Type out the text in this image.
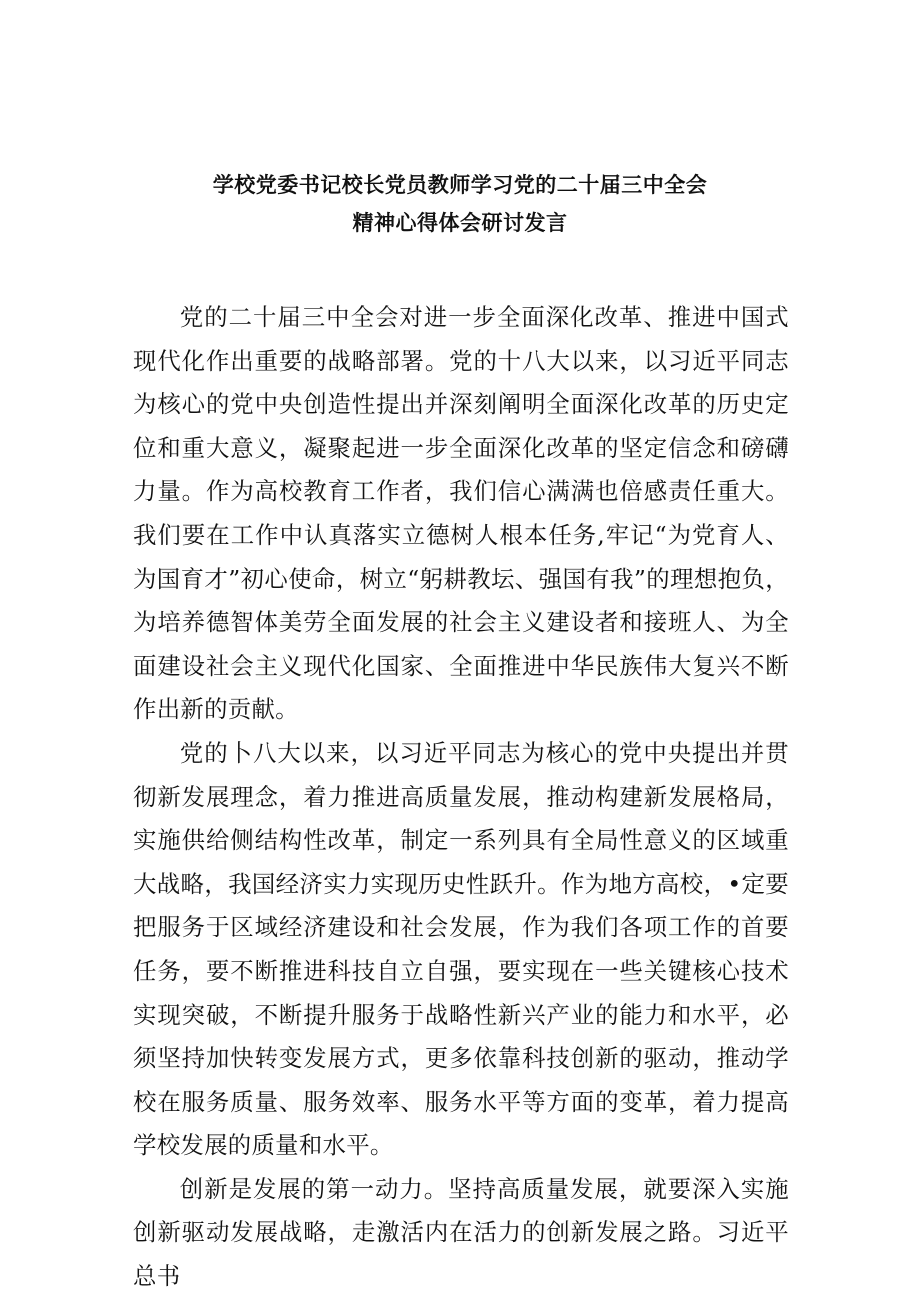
学校党委书记校长党员教师学习党的二十届三中全会
精神心得体会研讨发言

党的二十届三中全会对进一步全面深化改革、推进中国式现代化作出重要的战略部署。党的十八大以来，以习近平同志为核心的党中央创造性提出并深刻阐明全面深化改革的历史定位和重大意义，凝聚起进一步全面深化改革的坚定信念和磅礴力量。作为高校教育工作者，我们信心满满也倍感责任重大。我们要在工作中认真落实立德树人根本任务,牢记“为党育人、为国育才”初心使命，树立“躬耕教坛、强国有我”的理想抱负，为培养德智体美劳全面发展的社会主义建设者和接班人、为全面建设社会主义现代化国家、全面推进中华民族伟大复兴不断作出新的贡献。

党的卜八大以来，以习近平同志为核心的党中央提出并贯彻新发展理念，着力推进高质量发展，推动构建新发展格局，实施供给侧结构性改革，制定一系列具有全局性意义的区域重大战略，我国经济实力实现历史性跃升。作为地方高校，•定要把服务于区域经济建设和社会发展，作为我们各项工作的首要任务，要不断推进科技自立自强，要实现在一些关键核心技术实现突破，不断提升服务于战略性新兴产业的能力和水平，必须坚持加快转变发展方式，更多依靠科技创新的驱动，推动学校在服务质量、服务效率、服务水平等方面的变革，着力提高学校发展的质量和水平。

创新是发展的第一动力。坚持高质量发展，就要深入实施创新驱动发展战略，走激活内在活力的创新发展之路。习近平总书
